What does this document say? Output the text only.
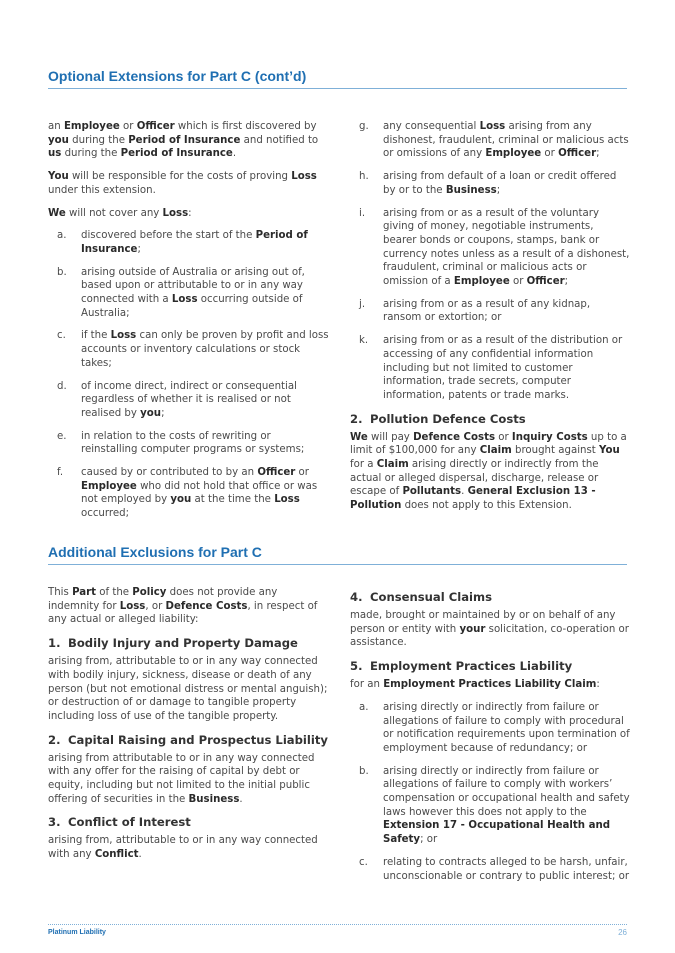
Optional Extensions for Part C (cont’d)

an Employee or Officer which is first discovered by you during the Period of Insurance and notified to us during the Period of Insurance.

You will be responsible for the costs of proving Loss under this extension.

We will not cover any Loss:

a. discovered before the start of the Period of Insurance;
b. arising outside of Australia or arising out of, based upon or attributable to or in any way connected with a Loss occurring outside of Australia;
c. if the Loss can only be proven by profit and loss accounts or inventory calculations or stock takes;
d. of income direct, indirect or consequential regardless of whether it is realised or not realised by you;
e. in relation to the costs of rewriting or reinstalling computer programs or systems;
f. caused by or contributed to by an Officer or Employee who did not hold that office or was not employed by you at the time the Loss occurred;
g. any consequential Loss arising from any dishonest, fraudulent, criminal or malicious acts or omissions of any Employee or Officer;
h. arising from default of a loan or credit offered by or to the Business;
i. arising from or as a result of the voluntary giving of money, negotiable instruments, bearer bonds or coupons, stamps, bank or currency notes unless as a result of a dishonest, fraudulent, criminal or malicious acts or omission of a Employee or Officer;
j. arising from or as a result of any kidnap, ransom or extortion; or
k. arising from or as a result of the distribution or accessing of any confidential information including but not limited to customer information, trade secrets, computer information, patents or trade marks.
2. Pollution Defence Costs

We will pay Defence Costs or Inquiry Costs up to a limit of $100,000 for any Claim brought against You for a Claim arising directly or indirectly from the actual or alleged dispersal, discharge, release or escape of Pollutants. General Exclusion 13 - Pollution does not apply to this Extension.

Additional Exclusions for Part C

This Part of the Policy does not provide any indemnity for Loss, or Defence Costs, in respect of any actual or alleged liability:

1. Bodily Injury and Property Damage

arising from, attributable to or in any way connected with bodily injury, sickness, disease or death of any person (but not emotional distress or mental anguish); or destruction of or damage to tangible property including loss of use of the tangible property.

2. Capital Raising and Prospectus Liability

arising from attributable to or in any way connected with any offer for the raising of capital by debt or equity, including but not limited to the initial public offering of securities in the Business.

3. Conflict of Interest

arising from, attributable to or in any way connected with any Conflict.

4. Consensual Claims

made, brought or maintained by or on behalf of any person or entity with your solicitation, co-operation or assistance.

5. Employment Practices Liability

for an Employment Practices Liability Claim:

a. arising directly or indirectly from failure or allegations of failure to comply with procedural or notification requirements upon termination of employment because of redundancy; or
b. arising directly or indirectly from failure or allegations of failure to comply with workers’ compensation or occupational health and safety laws however this does not apply to the Extension 17 - Occupational Health and Safety; or
c. relating to contracts alleged to be harsh, unfair, unconscionable or contrary to public interest; or
Platinum Liability	26
